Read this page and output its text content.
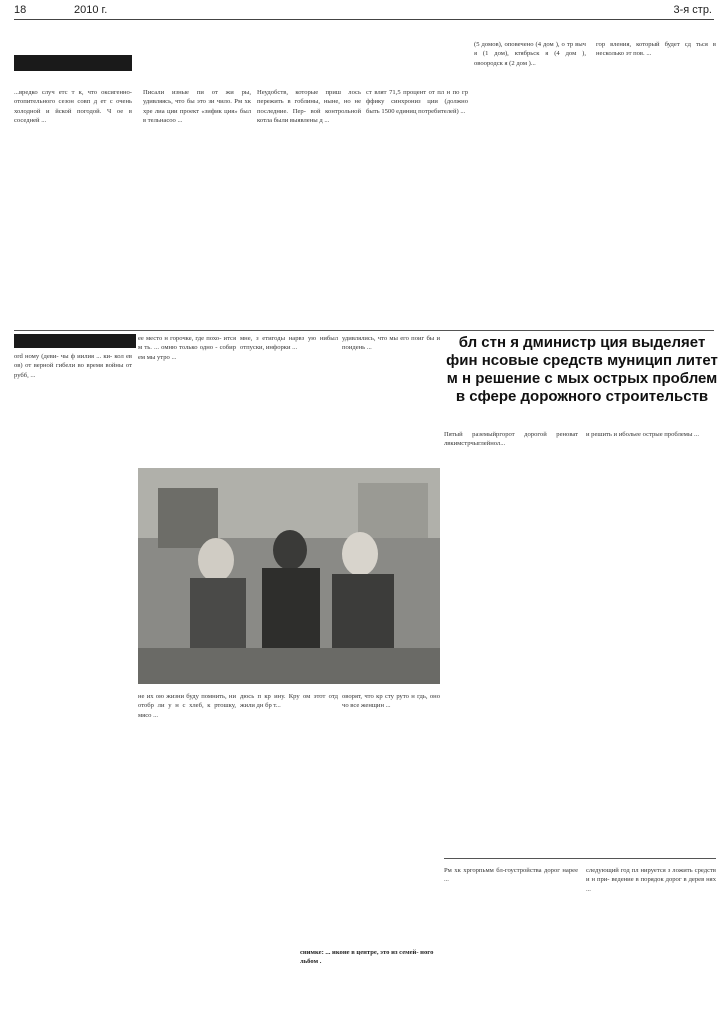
18	2010 г.	3-я стр.
...вредко случ етс т к, что оксигенно-отопительного сезон совп д ет с очень холодной и йской погодой. Ч ое в соседней ...
Писали изные пи от жи ры, удивляясь, что бы это зи чило. Рм хк хре лиа ции проект «зифик ция» был в тельнасоо ...
Неудобств, которые приш лось пережить в гоблины, ныне, но не последние. Пер- вой контрольной котла были выявлены д ...
ст влят 71,5 процент от пл н по гр ффику синхрониз ции (должно быть 1500 единиц потребителей) ...
(5 домов), оповечено (4 дом ), о тр выч я (1 дом), ктябрьск я (4 дом ), овоородск я (2 дом )...
гор вления, который будет сд ться в несколько эт пов. ...
ord ному (деви- чы ф иилия ... ки- кол ев ов) от верной гибели во время войны от рубб, ...
ее место н горочке, где похо- ится м ть. ... омню только одно - собир ем мы утро ...
мне, з етигоды нарвз ую нибыл отпуски, инфорки ...
удивлялись, что мы его поиг бы и поидень ...
не их ою жизни буду помнить, ни отобр ли у н с хлеб, к ртошку, мясо ...
дюсь п кр ину. Кру ом этот отд жили дн бр т...
оворят, что кр сту руто н гдь, оно чо все женщин ...
снимке: ... иконе в центре, это из семей- ного льбом .
бл стн я дминистр ция выделяет фин нсовые средств муницип литет м н решение с мых острых проблем в сфере дорожного строительств
Пятый раземыйргорот дорогой реноват лвкимстрчыглейнол...
и решить и ибольее острые проблемы ...
Рм хк хргорпьмм бл-гоустройства дорог нарее ...
следующий год пл нируется з ложить средств и н при- ведение в порядок дорог в дерев нях ...
